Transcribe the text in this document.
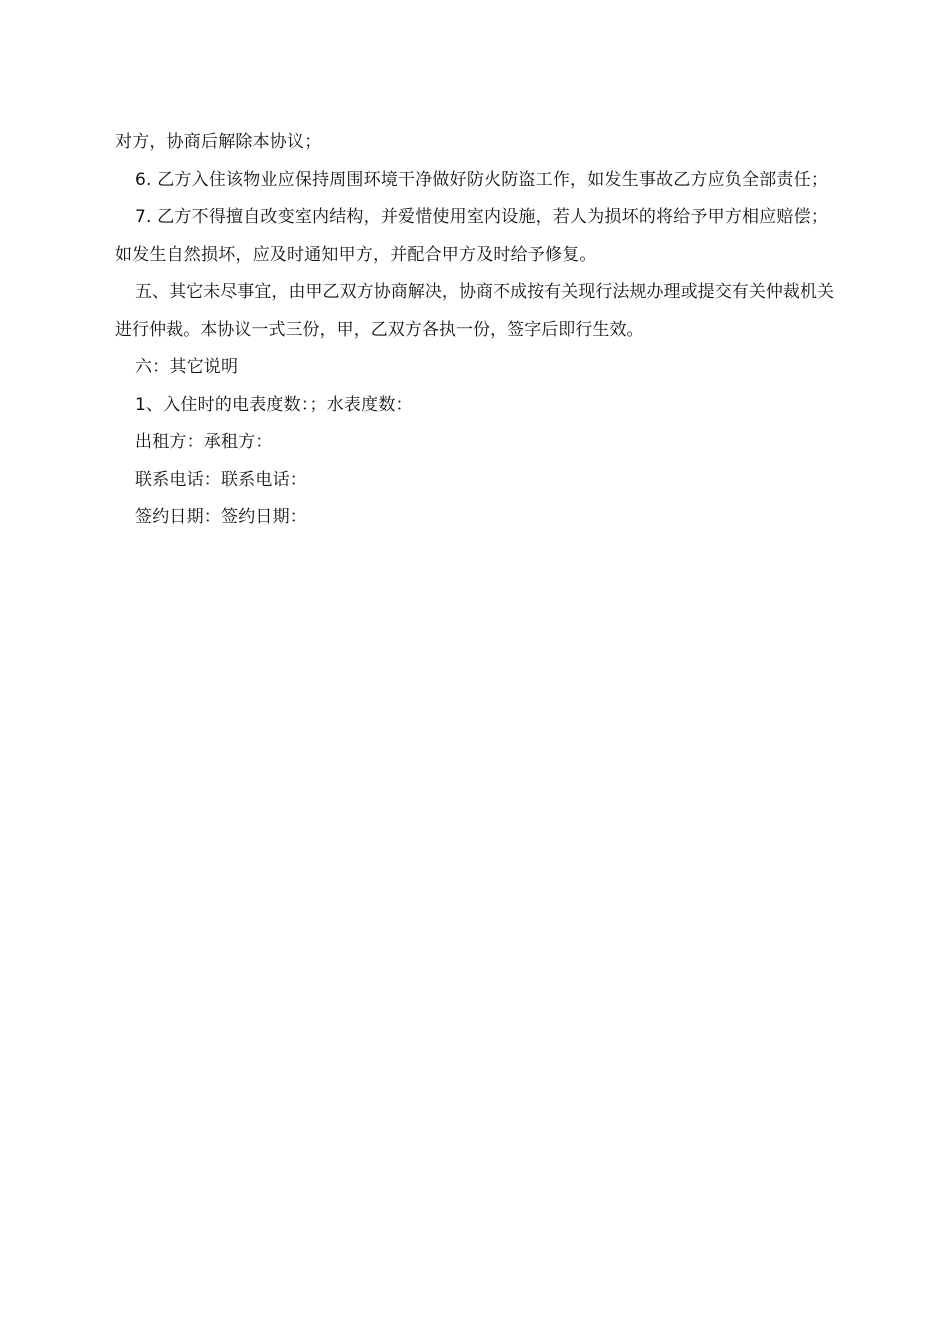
对方，协商后解除本协议；

6. 乙方入住该物业应保持周围环境干净做好防火防盗工作，如发生事故乙方应负全部责任；

7. 乙方不得擅自改变室内结构，并爱惜使用室内设施，若人为损坏的将给予甲方相应赔偿；如发生自然损坏，应及时通知甲方，并配合甲方及时给予修复。

五、其它未尽事宜，由甲乙双方协商解决，协商不成按有关现行法规办理或提交有关仲裁机关进行仲裁。本协议一式三份，甲，乙双方各执一份，签字后即行生效。

六：其它说明

1、入住时的电表度数：；水表度数：

出租方：承租方：

联系电话：联系电话：

签约日期：签约日期：
